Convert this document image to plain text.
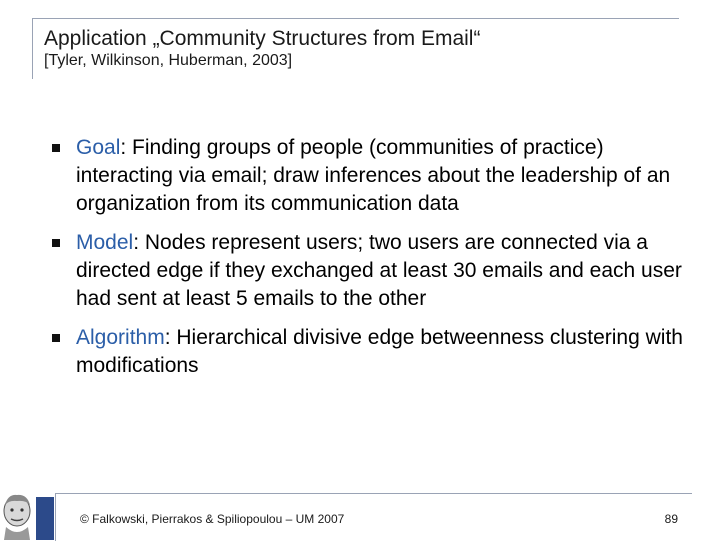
Application „Community Structures from Email“
[Tyler, Wilkinson, Huberman, 2003]
Goal: Finding groups of people (communities of practice) interacting via email; draw inferences about the leadership of an organization from its communication data
Model: Nodes represent users; two users are connected via a directed edge if they exchanged at least 30 emails and each user had sent at least 5 emails to the other
Algorithm: Hierarchical divisive edge betweenness clustering with modifications
© Falkowski, Pierrakos & Spiliopoulou – UM 2007	89
